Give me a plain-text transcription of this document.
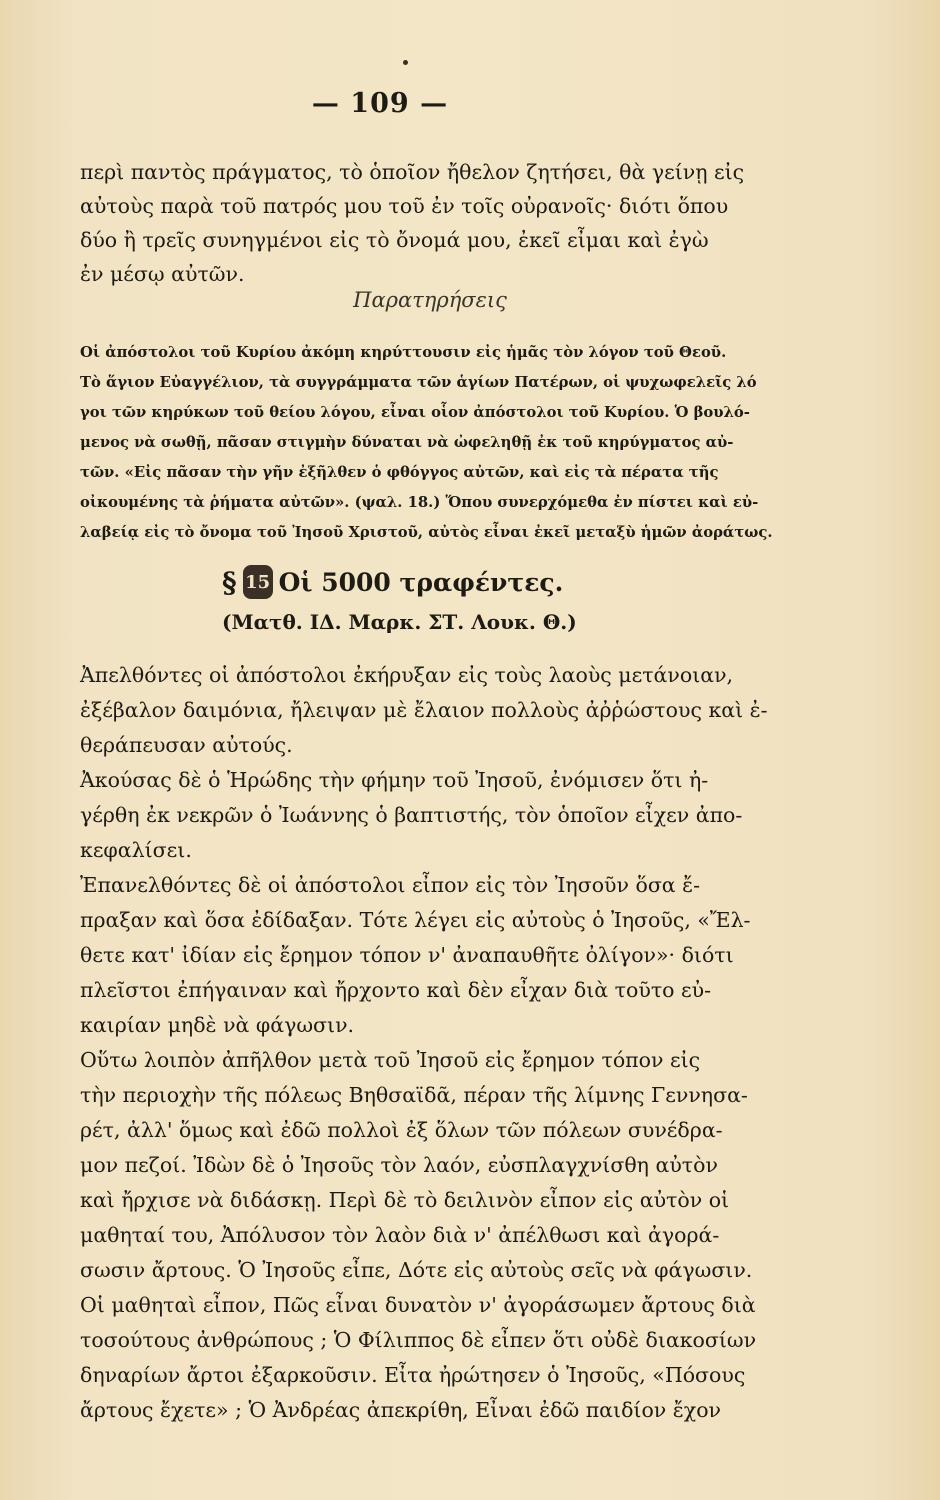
— 109 —
περὶ παντὸς πράγματος, τὸ ὁποῖον ἤθελον ζητήσει, θὰ γείνῃ εἰς
αὐτοὺς παρὰ τοῦ πατρός μου τοῦ ἐν τοῖς οὐρανοῖς· διότι ὅπου
δύο ἢ τρεῖς συνηγμένοι εἰς τὸ ὄνομά μου, ἐκεῖ εἶμαι καὶ ἐγὼ
ἐν μέσῳ αὐτῶν.
Παρατηρήσεις
Οἱ ἀπόστολοι τοῦ Κυρίου ἀκόμη κηρύττουσιν εἰς ἡμᾶς τὸν λόγον τοῦ Θεοῦ.
Τὸ ἅγιον Εὐαγγέλιον, τὰ συγγράμματα τῶν ἁγίων Πατέρων, οἱ ψυχωφελεῖς λό
γοι τῶν κηρύκων τοῦ θείου λόγου, εἶναι οἷον ἀπόστολοι τοῦ Κυρίου. Ὁ βουλό-
μενος νὰ σωθῇ, πᾶσαν στιγμὴν δύναται νὰ ὠφεληθῇ ἐκ τοῦ κηρύγματος αὐ-
τῶν. «Εἰς πᾶσαν τὴν γῆν ἐξῆλθεν ὁ φθόγγος αὐτῶν, καὶ εἰς τὰ πέρατα τῆς
οἰκουμένης τὰ ῥήματα αὐτῶν». (ψαλ. 18.) Ὅπου συνερχόμεθα ἐν πίστει καὶ εὐ-
λαβείᾳ εἰς τὸ ὄνομα τοῦ Ἰησοῦ Χριστοῦ, αὐτὸς εἶναι ἐκεῖ μεταξὺ ἡμῶν ἀοράτως.
§ 15 Οἱ 5000 τραφέντες.
(Ματθ. ΙΔ. Μαρκ. ΣΤ. Λουκ. Θ.)
Ἀπελθόντες οἱ ἀπόστολοι ἐκήρυξαν εἰς τοὺς λαοὺς μετάνοιαν,
ἐξέβαλον δαιμόνια, ἤλειψαν μὲ ἔλαιον πολλοὺς ἀῤῥώστους καὶ ἐ-
θεράπευσαν αὐτούς.
Ἀκούσας δὲ ὁ Ἡρώδης τὴν φήμην τοῦ Ἰησοῦ, ἐνόμισεν ὅτι ἠ-
γέρθη ἐκ νεκρῶν ὁ Ἰωάννης ὁ βαπτιστής, τὸν ὁποῖον εἶχεν ἀπο-
κεφαλίσει.
Ἐπανελθόντες δὲ οἱ ἀπόστολοι εἶπον εἰς τὸν Ἰησοῦν ὅσα ἔ-
πραξαν καὶ ὅσα ἐδίδαξαν. Τότε λέγει εἰς αὐτοὺς ὁ Ἰησοῦς, «Ἔλ-
θετε κατ' ἰδίαν εἰς ἔρημον τόπον ν' ἀναπαυθῆτε ὀλίγον»· διότι
πλεῖστοι ἐπήγαιναν καὶ ἤρχοντο καὶ δὲν εἶχαν διὰ τοῦτο εὐ-
καιρίαν μηδὲ νὰ φάγωσιν.
Οὕτω λοιπὸν ἀπῆλθον μετὰ τοῦ Ἰησοῦ εἰς ἔρημον τόπον εἰς
τὴν περιοχὴν τῆς πόλεως Βηθσαϊδᾶ, πέραν τῆς λίμνης Γεννησα-
ρέτ, ἀλλ' ὅμως καὶ ἐδῶ πολλοὶ ἐξ ὅλων τῶν πόλεων συνέδρα-
μον πεζοί. Ἰδὼν δὲ ὁ Ἰησοῦς τὸν λαόν, εὐσπλαγχνίσθη αὐτὸν
καὶ ἤρχισε νὰ διδάσκῃ. Περὶ δὲ τὸ δειλινὸν εἶπον εἰς αὐτὸν οἱ
μαθηταί του, Ἀπόλυσον τὸν λαὸν διὰ ν' ἀπέλθωσι καὶ ἀγορά-
σωσιν ἄρτους. Ὁ Ἰησοῦς εἶπε, Δότε εἰς αὐτοὺς σεῖς νὰ φάγωσιν.
Οἱ μαθηταὶ εἶπον, Πῶς εἶναι δυνατὸν ν' ἀγοράσωμεν ἄρτους διὰ
τοσούτους ἀνθρώπους ; Ὁ Φίλιππος δὲ εἶπεν ὅτι οὐδὲ διακοσίων
δηναρίων ἄρτοι ἐξαρκοῦσιν. Εἶτα ἠρώτησεν ὁ Ἰησοῦς, «Πόσους
ἄρτους ἔχετε» ; Ὁ Ἀνδρέας ἀπεκρίθη, Εἶναι ἐδῶ παιδίον ἔχον
